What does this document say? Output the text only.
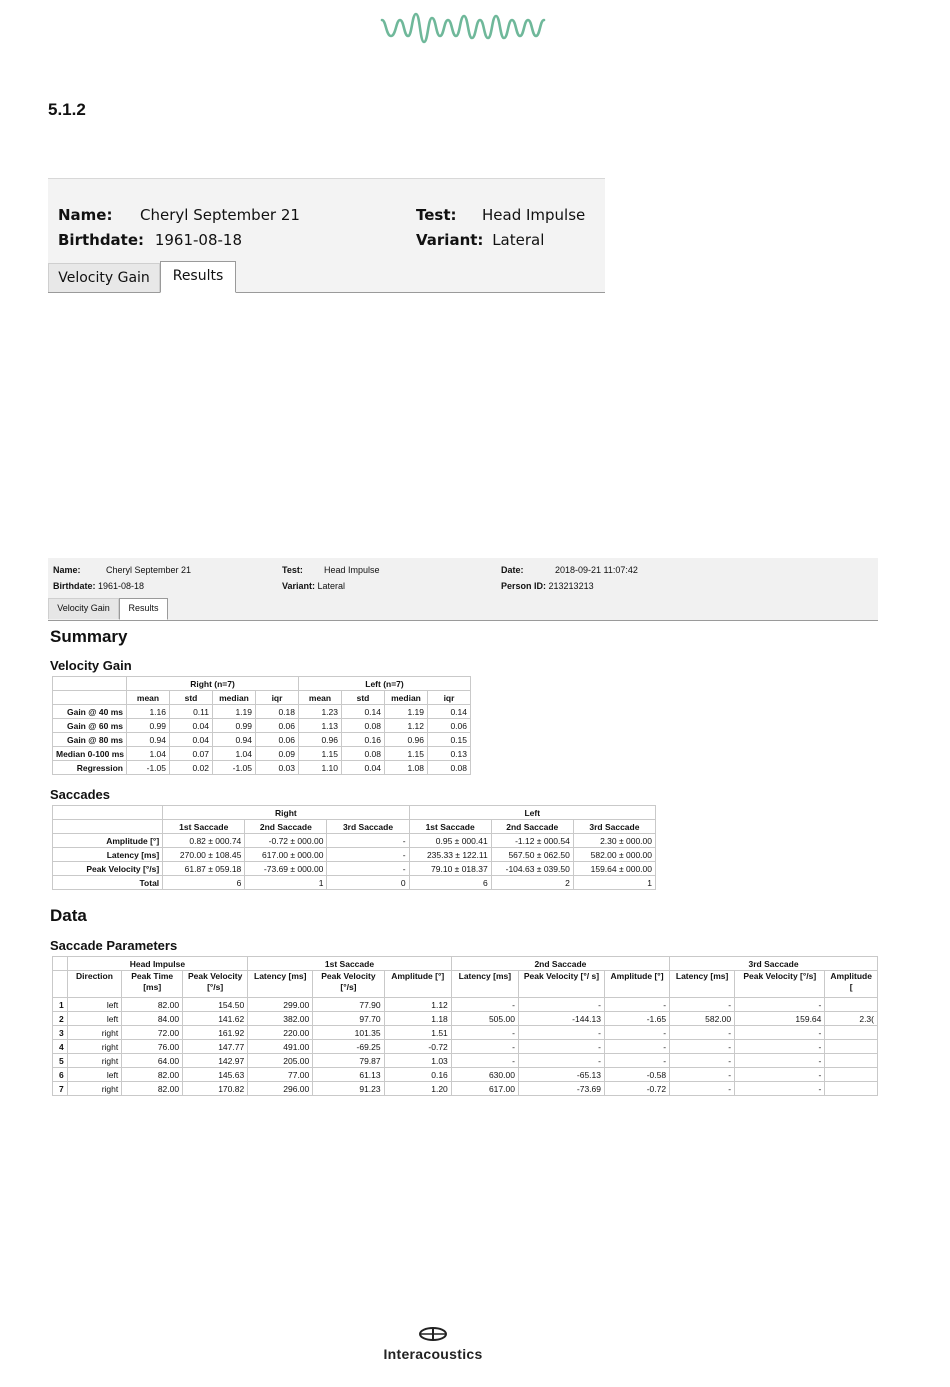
5.1.2
Name: Cheryl September 21
Birthdate: 1961-08-18
Test: Head Impulse
Variant: Lateral
Velocity Gain	Results
Name:	Cheryl September 21
Birthdate: 1961-08-18
Test: Head Impulse
Variant: Lateral
Date:	2018-09-21 11:07:42
Person ID: 213213213
Velocity Gain	Results
Summary
Velocity Gain
	Right (n=7)				Left (n=7)			
	mean	std	median	iqr	mean	std	median	iqr
Gain @ 40 ms	1.16	0.11	1.19	0.18	1.23	0.14	1.19	0.14
Gain @ 60 ms	0.99	0.04	0.99	0.06	1.13	0.08	1.12	0.06
Gain @ 80 ms	0.94	0.04	0.94	0.06	0.96	0.16	0.96	0.15
Median 0-100 ms	1.04	0.07	1.04	0.09	1.15	0.08	1.15	0.13
Regression	-1.05	0.02	-1.05	0.03	1.10	0.04	1.08	0.08
Saccades
	Right			Left		
	1st Saccade	2nd Saccade	3rd Saccade	1st Saccade	2nd Saccade	3rd Saccade
Amplitude [°]	0.82 ± 000.74	-0.72 ± 000.00	-	0.95 ± 000.41	-1.12 ± 000.54	2.30 ± 000.00
Latency [ms]	270.00 ± 108.45	617.00 ± 000.00	-	235.33 ± 122.11	567.50 ± 062.50	582.00 ± 000.00
Peak Velocity [°/s]	61.87 ± 059.18	-73.69 ± 000.00	-	79.10 ± 018.37	-104.63 ± 039.50	159.64 ± 000.00
Total	6	1	0	6	2	1
Data
Saccade Parameters
	Head Impulse			1st Saccade			2nd Saccade			3rd Saccade		
	Direction	Peak Time [ms]	Peak Velocity [°/s]	Latency [ms]	Peak Velocity [°/s]	Amplitude [°]	Latency [ms]	Peak Velocity [°/ s]	Amplitude [°]	Latency [ms]	Peak Velocity [°/s]	Amplitude [
1	left	82.00	154.50	299.00	77.90	1.12	-	-	-	-	-	
2	left	84.00	141.62	382.00	97.70	1.18	505.00	-144.13	-1.65	582.00	159.64	2.3(
3	right	72.00	161.92	220.00	101.35	1.51	-	-	-	-	-	
4	right	76.00	147.77	491.00	-69.25	-0.72	-	-	-	-	-	
5	right	64.00	142.97	205.00	79.87	1.03	-	-	-	-	-	
6	left	82.00	145.63	77.00	61.13	0.16	630.00	-65.13	-0.58	-	-	
7	right	82.00	170.82	296.00	91.23	1.20	617.00	-73.69	-0.72	-	-	
Interacoustics
